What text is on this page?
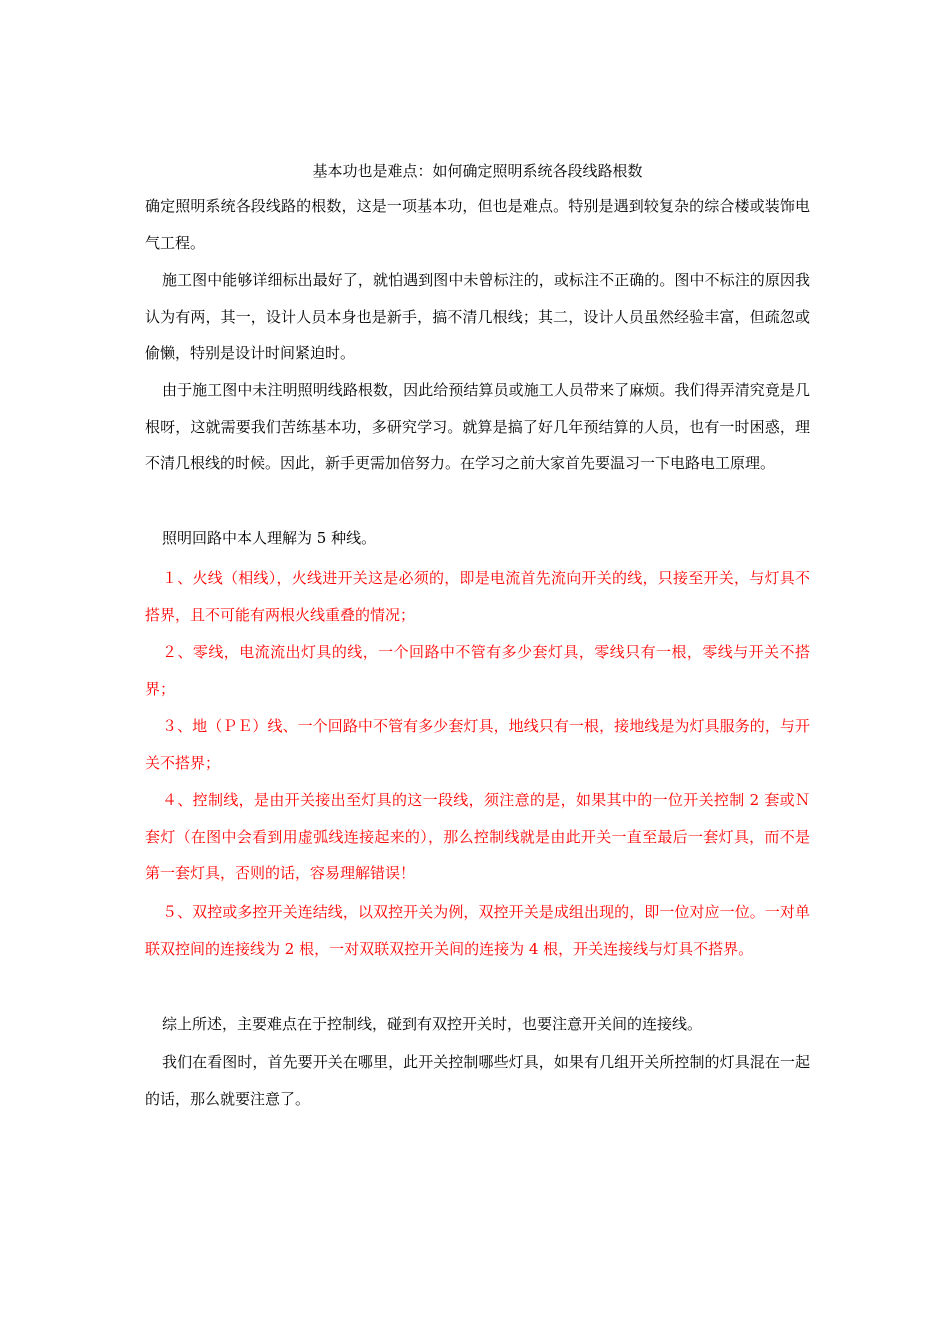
基本功也是难点：如何确定照明系统各段线路根数

确定照明系统各段线路的根数，这是一项基本功，但也是难点。特别是遇到较复杂的综合楼或装饰电气工程。

施工图中能够详细标出最好了，就怕遇到图中未曾标注的，或标注不正确的。图中不标注的原因我认为有两，其一，设计人员本身也是新手，搞不清几根线；其二，设计人员虽然经验丰富，但疏忽或偷懒，特别是设计时间紧迫时。

由于施工图中未注明照明线路根数，因此给预结算员或施工人员带来了麻烦。我们得弄清究竟是几根呀，这就需要我们苦练基本功，多研究学习。就算是搞了好几年预结算的人员，也有一时困惑，理不清几根线的时候。因此，新手更需加倍努力。在学习之前大家首先要温习一下电路电工原理。

照明回路中本人理解为 5 种线。

１、火线（相线），火线进开关这是必须的，即是电流首先流向开关的线，只接至开关，与灯具不搭界，且不可能有两根火线重叠的情况；

２、零线，电流流出灯具的线，一个回路中不管有多少套灯具，零线只有一根，零线与开关不搭界；

３、地（ＰＥ）线、一个回路中不管有多少套灯具，地线只有一根，接地线是为灯具服务的，与开关不搭界；

４、控制线，是由开关接出至灯具的这一段线，须注意的是，如果其中的一位开关控制 2 套或Ｎ套灯（在图中会看到用虚弧线连接起来的），那么控制线就是由此开关一直至最后一套灯具，而不是第一套灯具，否则的话，容易理解错误！

５、双控或多控开关连结线，以双控开关为例，双控开关是成组出现的，即一位对应一位。一对单联双控间的连接线为 2 根，一对双联双控开关间的连接为 4 根，开关连接线与灯具不搭界。

综上所述，主要难点在于控制线，碰到有双控开关时，也要注意开关间的连接线。

我们在看图时，首先要开关在哪里，此开关控制哪些灯具，如果有几组开关所控制的灯具混在一起的话，那么就要注意了。
